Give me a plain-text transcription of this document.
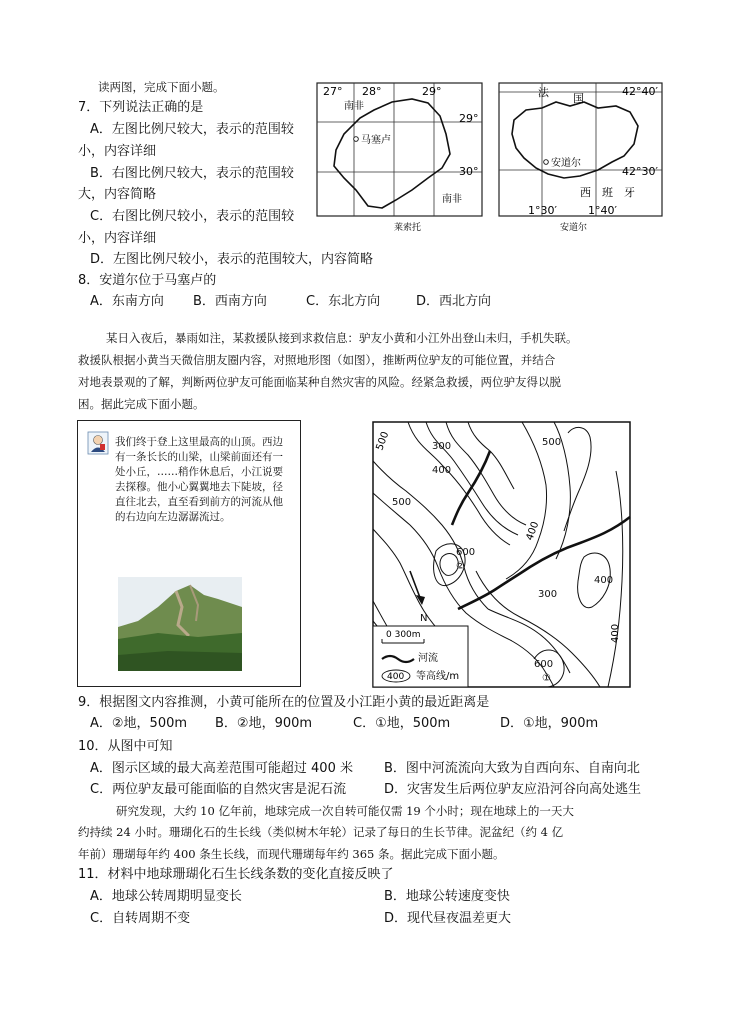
读两图，完成下面小题。
7．下列说法正确的是
A．左图比例尺较大，表示的范围较
小，内容详细
B．右图比例尺较大，表示的范围较
大，内容简略
C．右图比例尺较小，表示的范围较
小，内容详细
D．左图比例尺较小，表示的范围较大，内容简略
8．安道尔位于马塞卢的
A．东南方向 B．西南方向	C．东北方向	D．西北方向
27° 28°	29°
29°
30°
南非
马塞卢
南非
莱索托
法 国
42°40′
42°30′
安道尔
西　班　牙
1°30′	1°40′
安道尔
某日入夜后，暴雨如注，某救援队接到求救信息：驴友小黄和小江外出登山未归，手机失联。
救援队根据小黄当天微信朋友圈内容，对照地形图（如图），推断两位驴友的可能位置，并结合
对地表景观的了解，判断两位驴友可能面临某种自然灾害的风险。经紧急救援，两位驴友得以脱
困。据此完成下面小题。
我们终于登上这里最高的山顶。西边有一条长长的山梁，山梁前面还有一处小丘，……稍作休息后，小江说要去探穆。他小心翼翼地去下陡坡，径直往北去，直至看到前方的河流从他的右边向左边潺潺流过。
300
400
500
500
600
②
400
300
600
①
N
500
400
400
0 300m
河流
400 等高线/m
9．根据图文内容推测，小黄可能所在的位置及小江距小黄的最近距离是
A．②地，500m B．②地，900m	C．①地，500m	D．①地，900m
10．从图中可知
A．图示区域的最大高差范围可能超过 400 米 B．图中河流流向大致为自西向东、自南向北
C．两位驴友最可能面临的自然灾害是泥石流	D．灾害发生后两位驴友应沿河谷向高处逃生
研究发现，大约 10 亿年前，地球完成一次自转可能仅需 19 个小时；现在地球上的一天大
约持续 24 小时。珊瑚化石的生长线（类似树木年轮）记录了每日的生长节律。泥盆纪（约 4 亿
年前）珊瑚每年约 400 条生长线，而现代珊瑚每年约 365 条。据此完成下面小题。
11．材料中地球珊瑚化石生长线条数的变化直接反映了
A．地球公转周期明显变长	B．地球公转速度变快
C．自转周期不变	D．现代昼夜温差更大
